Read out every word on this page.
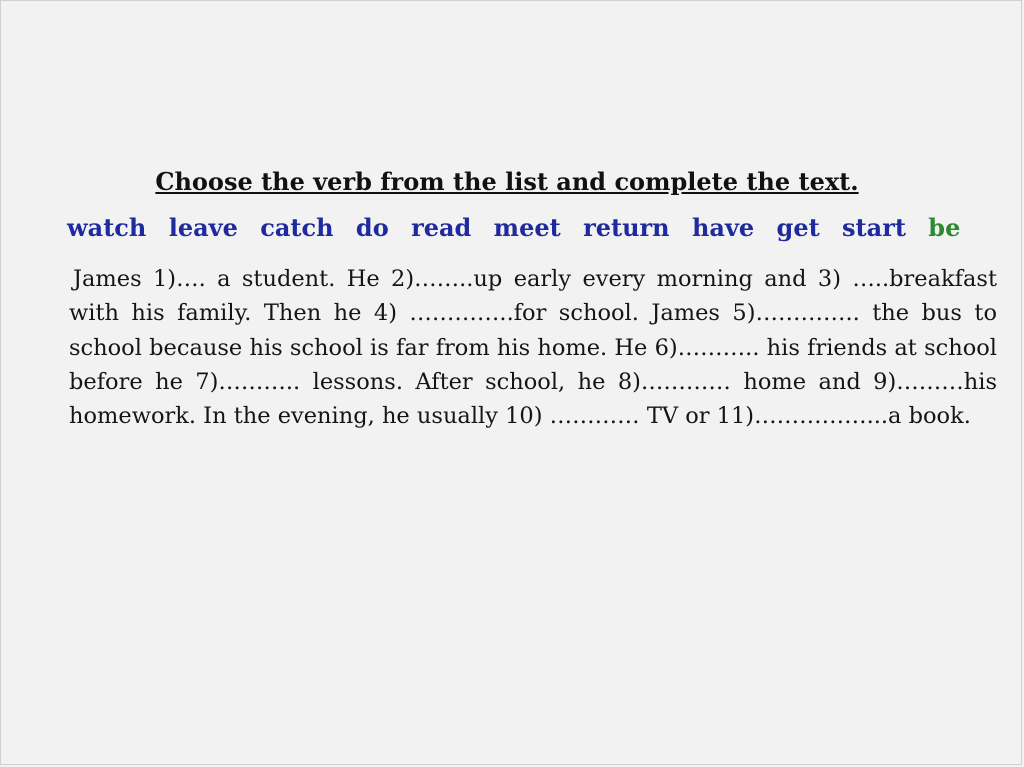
Choose the verb from the list and complete the text.
watch leave catch do read meet return have get start be
James 1)…. a student. He 2)……..up early every morning and 3) …..breakfast with his family. Then he 4) …………..for school. James 5)………….. the bus to school because his school is far from his home. He 6)……….. his friends at school before he 7)……….. lessons. After school, he 8)………… home and 9)………his homework. In the evening, he usually 10) ………… TV or 11)……………...a book.
